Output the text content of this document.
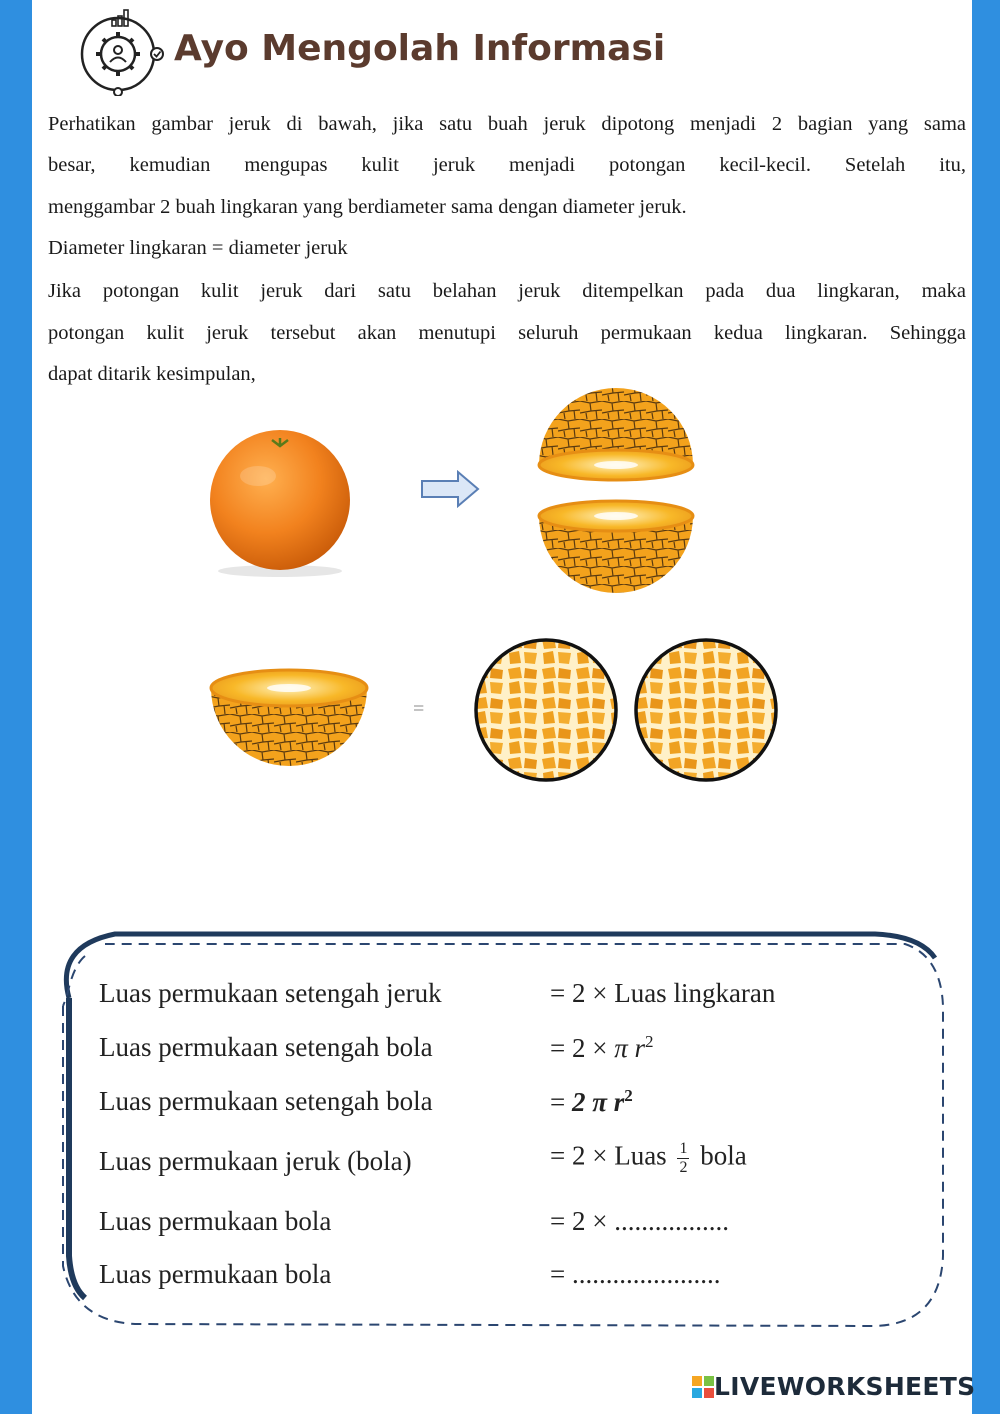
Ayo Mengolah Informasi
Perhatikan gambar jeruk di bawah, jika satu buah jeruk dipotong menjadi 2 bagian yang sama
besar, kemudian mengupas kulit jeruk menjadi potongan kecil-kecil. Setelah itu,
menggambar 2 buah lingkaran yang berdiameter sama dengan diameter jeruk.
Diameter lingkaran = diameter jeruk
Jika potongan kulit jeruk dari satu belahan jeruk ditempelkan pada dua lingkaran, maka
potongan kulit jeruk tersebut akan menutupi seluruh permukaan kedua lingkaran. Sehingga
dapat ditarik kesimpulan,
=
Luas permukaan setengah jeruk	= 2 × Luas lingkaran
Luas permukaan setengah bola	= 2 × π $r^2$
Luas permukaan setengah bola	= 2 π $r^2$
Luas permukaan jeruk (bola)	= 2 × Luas $\frac{1}{2}$ bola
Luas permukaan bola	= 2 × .................
Luas permukaan bola	= ......................
LIVEWORKSHEETS
